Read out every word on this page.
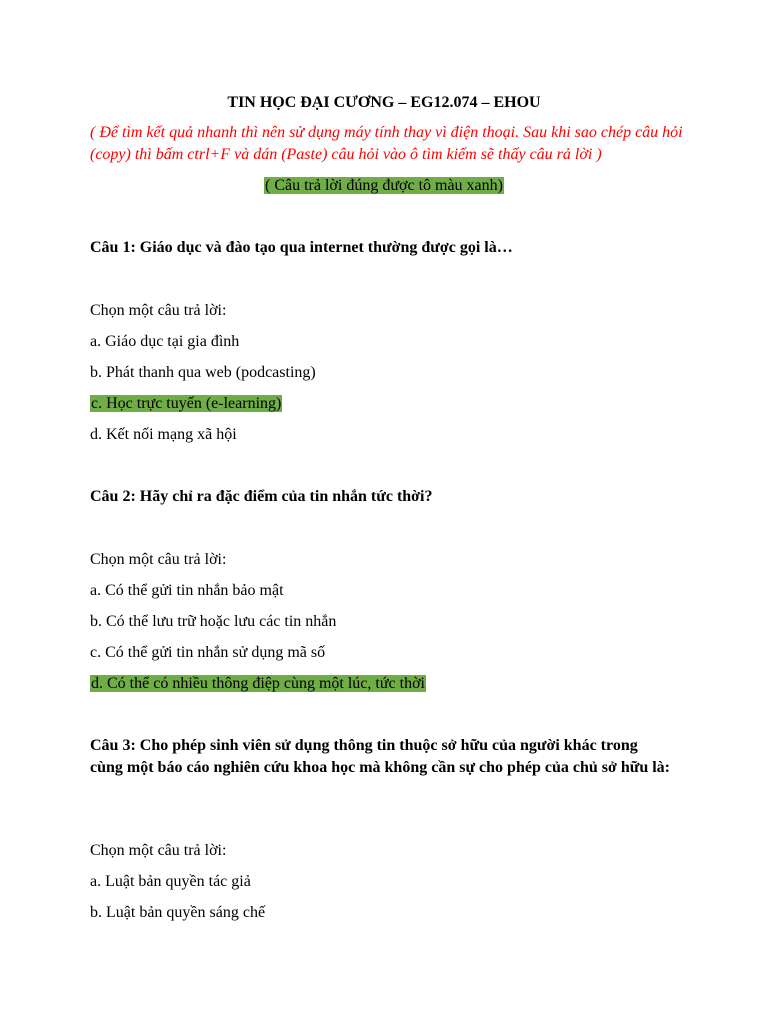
TIN HỌC ĐẠI CƯƠNG – EG12.074 – EHOU
( Để tìm kết quả nhanh thì nên sử dụng máy tính thay vì điện thoại. Sau khi sao chép câu hỏi (copy) thì bấm ctrl+F và dán (Paste) câu hỏi vào ô tìm kiếm sẽ thấy câu rả lời )
( Câu trả lời đúng được tô màu xanh)
Câu 1: Giáo dục và đào tạo qua internet thường được gọi là…
Chọn một câu trả lời:
a. Giáo dục tại gia đình
b. Phát thanh qua web (podcasting)
c. Học trực tuyến (e-learning)
d. Kết nối mạng xã hội
Câu 2: Hãy chỉ ra đặc điểm của tin nhắn tức thời?
Chọn một câu trả lời:
a. Có thể gửi tin nhắn bảo mật
b. Có thể lưu trữ hoặc lưu các tin nhắn
c. Có thể gửi tin nhắn sử dụng mã số
d. Có thể có nhiều thông điệp cùng một lúc, tức thời
Câu 3: Cho phép sinh viên sử dụng thông tin thuộc sở hữu của người khác trong cùng một báo cáo nghiên cứu khoa học mà không cần sự cho phép của chủ sở hữu là:
Chọn một câu trả lời:
a. Luật bản quyền tác giả
b. Luật bản quyền sáng chế
